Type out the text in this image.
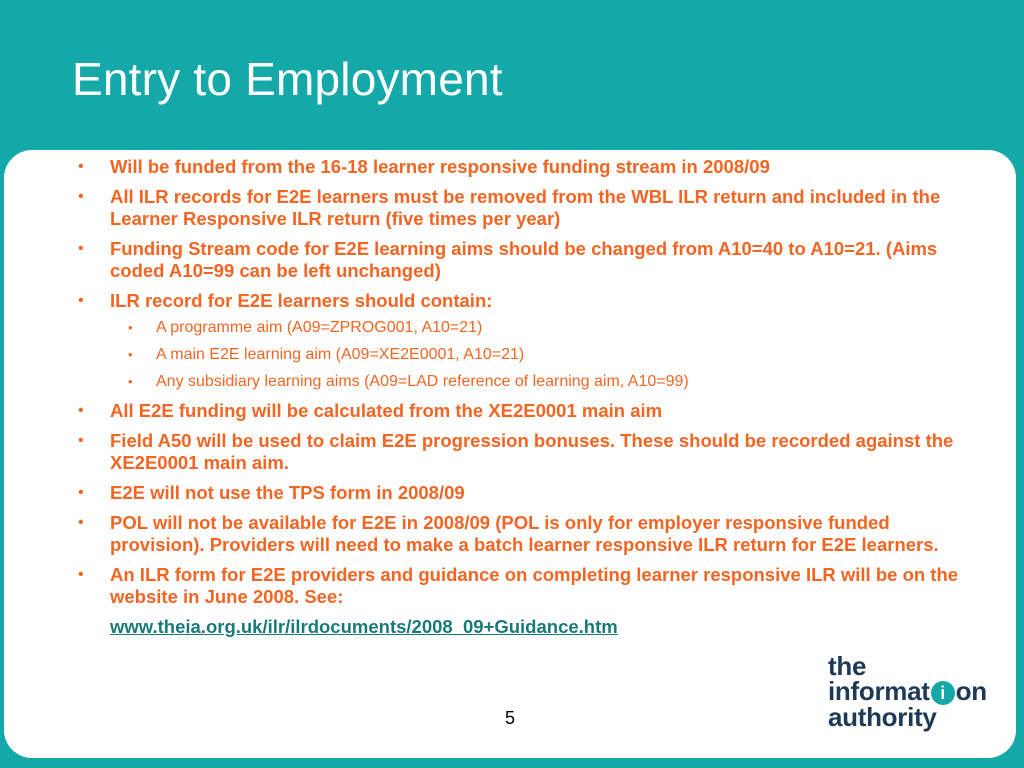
Entry to Employment
• Will be funded from the 16-18 learner responsive funding stream in 2008/09
• All ILR records for E2E learners must be removed from the WBL ILR return and included in the Learner Responsive ILR return (five times per year)
• Funding Stream code for E2E learning aims should be changed from A10=40 to A10=21. (Aims coded A10=99 can be left unchanged)
• ILR record for E2E learners should contain:
• A programme aim (A09=ZPROG001, A10=21)
• A main E2E learning aim (A09=XE2E0001, A10=21)
• Any subsidiary learning aims (A09=LAD reference of learning aim, A10=99)
• All E2E funding will be calculated from the XE2E0001 main aim
• Field A50 will be used to claim E2E progression bonuses. These should be recorded against the XE2E0001 main aim.
• E2E will not use the TPS form in 2008/09
• POL will not be available for E2E in 2008/09 (POL is only for employer responsive funded provision). Providers will need to make a batch learner responsive ILR return for E2E learners.
• An ILR form for E2E providers and guidance on completing learner responsive ILR will be on the website in June 2008. See:
www.theia.org.uk/ilr/ilrdocuments/2008_09+Guidance.htm
5
the
informat i on
authority
